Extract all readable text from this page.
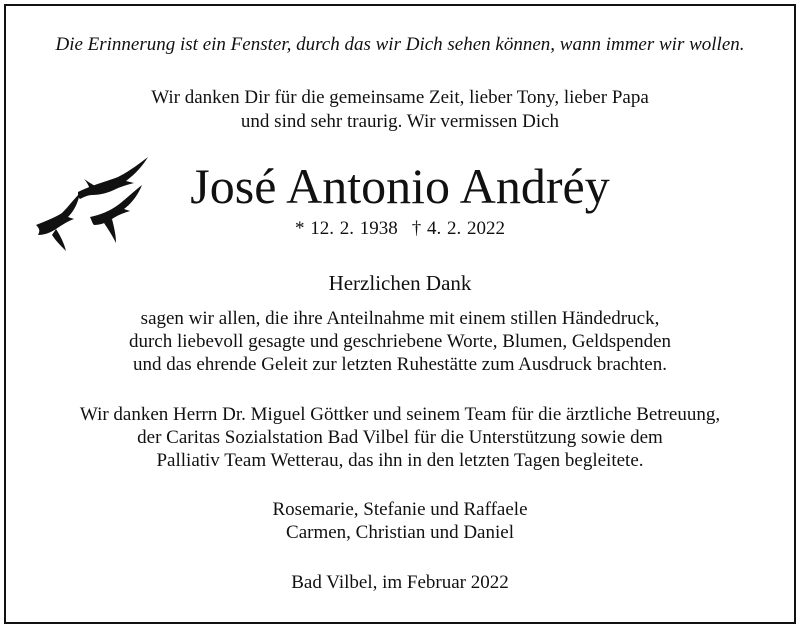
Die Erinnerung ist ein Fenster, durch das wir Dich sehen können, wann immer wir wollen.
Wir danken Dir für die gemeinsame Zeit, lieber Tony, lieber Papa
und sind sehr traurig. Wir vermissen Dich
José Antonio Andréy
* 12. 2. 1938 † 4. 2. 2022
Herzlichen Dank
sagen wir allen, die ihre Anteilnahme mit einem stillen Händedruck,
durch liebevoll gesagte und geschriebene Worte, Blumen, Geldspenden
und das ehrende Geleit zur letzten Ruhestätte zum Ausdruck brachten.
Wir danken Herrn Dr. Miguel Göttker und seinem Team für die ärztliche Betreuung,
der Caritas Sozialstation Bad Vilbel für die Unterstützung sowie dem
Palliativ Team Wetterau, das ihn in den letzten Tagen begleitete.
Rosemarie, Stefanie und Raffaele
Carmen, Christian und Daniel
Bad Vilbel, im Februar 2022
